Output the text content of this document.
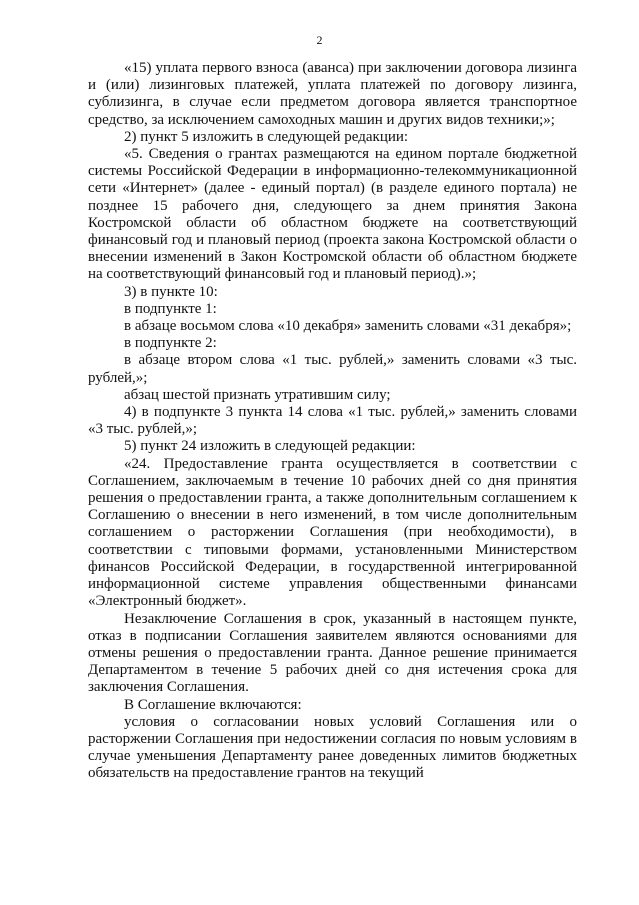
2

«15) уплата первого взноса (аванса) при заключении договора лизинга и (или) лизинговых платежей, уплата платежей по договору лизинга, сублизинга, в случае если предметом договора является транспортное средство, за исключением самоходных машин и других видов техники;»;

2) пункт 5 изложить в следующей редакции:

«5. Сведения о грантах размещаются на едином портале бюджетной системы Российской Федерации в информационно-телекоммуникационной сети «Интернет» (далее - единый портал) (в разделе единого портала) не позднее 15 рабочего дня, следующего за днем принятия Закона Костромской области об областном бюджете на соответствующий финансовый год и плановый период (проекта закона Костромской области о внесении изменений в Закон Костромской области об областном бюджете на соответствующий финансовый год и плановый период).»;

3) в пункте 10:

в подпункте 1:

в абзаце восьмом слова «10 декабря» заменить словами «31 декабря»;

в подпункте 2:

в абзаце втором слова «1 тыс. рублей,» заменить словами «3 тыс. рублей,»;

абзац шестой признать утратившим силу;

4) в подпункте 3 пункта 14 слова «1 тыс. рублей,» заменить словами «3 тыс. рублей,»;

5) пункт 24 изложить в следующей редакции:

«24. Предоставление гранта осуществляется в соответствии с Соглашением, заключаемым в течение 10 рабочих дней со дня принятия решения о предоставлении гранта, а также дополнительным соглашением к Соглашению о внесении в него изменений, в том числе дополнительным соглашением о расторжении Соглашения (при необходимости), в соответствии с типовыми формами, установленными Министерством финансов Российской Федерации, в государственной интегрированной информационной системе управления общественными финансами «Электронный бюджет».

Незаключение Соглашения в срок, указанный в настоящем пункте, отказ в подписании Соглашения заявителем являются основаниями для отмены решения о предоставлении гранта. Данное решение принимается Департаментом в течение 5 рабочих дней со дня истечения срока для заключения Соглашения.

В Соглашение включаются:

условия о согласовании новых условий Соглашения или о расторжении Соглашения при недостижении согласия по новым условиям в случае уменьшения Департаменту ранее доведенных лимитов бюджетных обязательств на предоставление грантов на текущий
